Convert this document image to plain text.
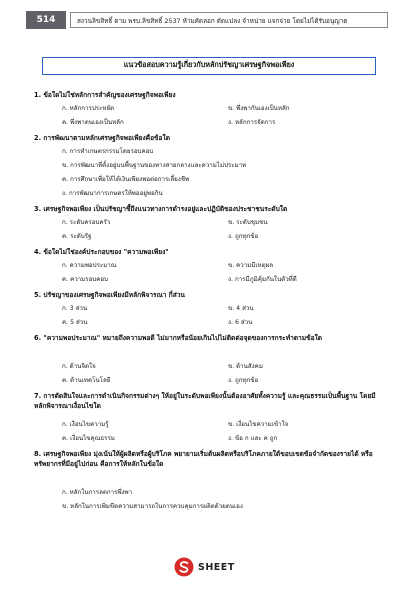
514	สงวนลิขสิทธิ์ ตาม พรบ.ลิขสิทธิ์ 2537 ห้ามคัดลอก ดัดแปลง จำหน่าย แจกจ่าย โดยไม่ได้รับอนุญาต
แนวข้อสอบความรู้เกี่ยวกับหลักปรัชญาเศรษฐกิจพอเพียง
1. ข้อใดไม่ใช่หลักการสำคัญของเศรษฐกิจพอเพียง
ก. หลักการประหยัด	ข. พึ่งพากันเองเป็นหลัก
ค. พึ่งพาตนเองเป็นหลัก	ง. หลักการจัดการ
2. การพัฒนาตามหลักเศรษฐกิจพอเพียงคือข้อใด
ก. การทำเกษตรกรรมโดยรอบคอบ
ข. การพัฒนาที่ตั้งอยู่บนพื้นฐานของทางสายกลางและความไม่ประมาท
ค. การศึกษาเพื่อให้ได้เงินเพียงพอต่อการเลี้ยงชีพ
ง. การพัฒนาการเกษตรให้พออยู่พอกิน
3. เศรษฐกิจพอเพียง เป็นปรัชญาชี้ถึงแนวทางการดำรงอยู่และปฏิบัติของประชาชนระดับใด
ก. ระดับครอบครัว	ข. ระดับชุมชน
ค. ระดับรัฐ	ง. ถูกทุกข้อ
4. ข้อใดไม่ใช่องค์ประกอบของ "ความพอเพียง"
ก. ความพอประมาณ	ข. ความมีเหตุผล
ค. ความรอบคอบ	ง. การมีภูมิคุ้มกันในตัวที่ดี
5. ปรัชญาของเศรษฐกิจพอเพียงมีหลักพิจารณา กี่ส่วน
ก. 3 ส่วน	ข. 4 ส่วน
ค. 5 ส่วน	ง. 6 ส่วน
6. "ความพอประมาณ" หมายถึงความพอดี ไม่มากหรือน้อยเกินไปไม่ติดต่อจุดของการกระทำตามข้อใด
ก. ด้านจิตใจ	ข. ด้านสังคม
ค. ด้านเทคโนโลยี	ง. ถูกทุกข้อ
7. การตัดสินใจและการดำเนินกิจกรรมต่างๆ ให้อยู่ในระดับพอเพียงนั้นต้องอาศัยทั้งความรู้ และคุณธรรมเป็นพื้นฐาน โดยมีหลักพิจารณาเงื่อนไขใด
ก. เงื่อนไขความรู้	ข. เงื่อนไขความเข้าใจ
ค. เงื่อนไขคุณธรรม	ง. ข้อ ก และ ค ถูก
8. เศรษฐกิจพอเพียง มุ่งเน้นให้ผู้ผลิตหรือผู้บริโภค พยายามเริ่มต้นผลิตหรือบริโภคภายใต้ขอบเขตข้อจำกัดของรายได้ หรือทรัพยากรที่มีอยู่ไปก่อน คือการให้หลักในข้อใด
ก. หลักในการลดการพึ่งพา
ข. หลักในการเพิ่มขีดความสามารถในการควบคุมการผลิตด้วยตนเอง
SHEET
